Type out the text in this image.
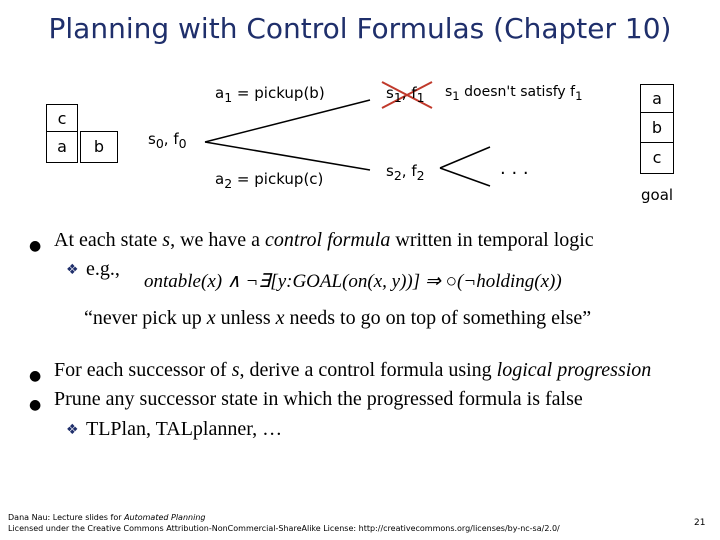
Planning with Control Formulas (Chapter 10)
c
a	b	$s_0$, $f_0$
$a_1$ = pickup(b)
$a_2$ = pickup(c)
$s_1$, $f_1$
$s_2$, $f_2$
$s_1$ doesn't satisfy $f_1$
. . .
a
b
c
goal
● At each state s, we have a control formula written in temporal logic
❖ e.g.,
ontable(x) ∧ ¬∃[y:GOAL(on(x, y))] ⇒ ○(¬holding(x))
“never pick up x unless x needs to go on top of something else”
● For each successor of s, derive a control formula using logical progression
● Prune any successor state in which the progressed formula is false
❖ TLPlan, TALplanner, …
Dana Nau: Lecture slides for Automated Planning
Licensed under the Creative Commons Attribution-NonCommercial-ShareAlike License: http://creativecommons.org/licenses/by-nc-sa/2.0/
21
